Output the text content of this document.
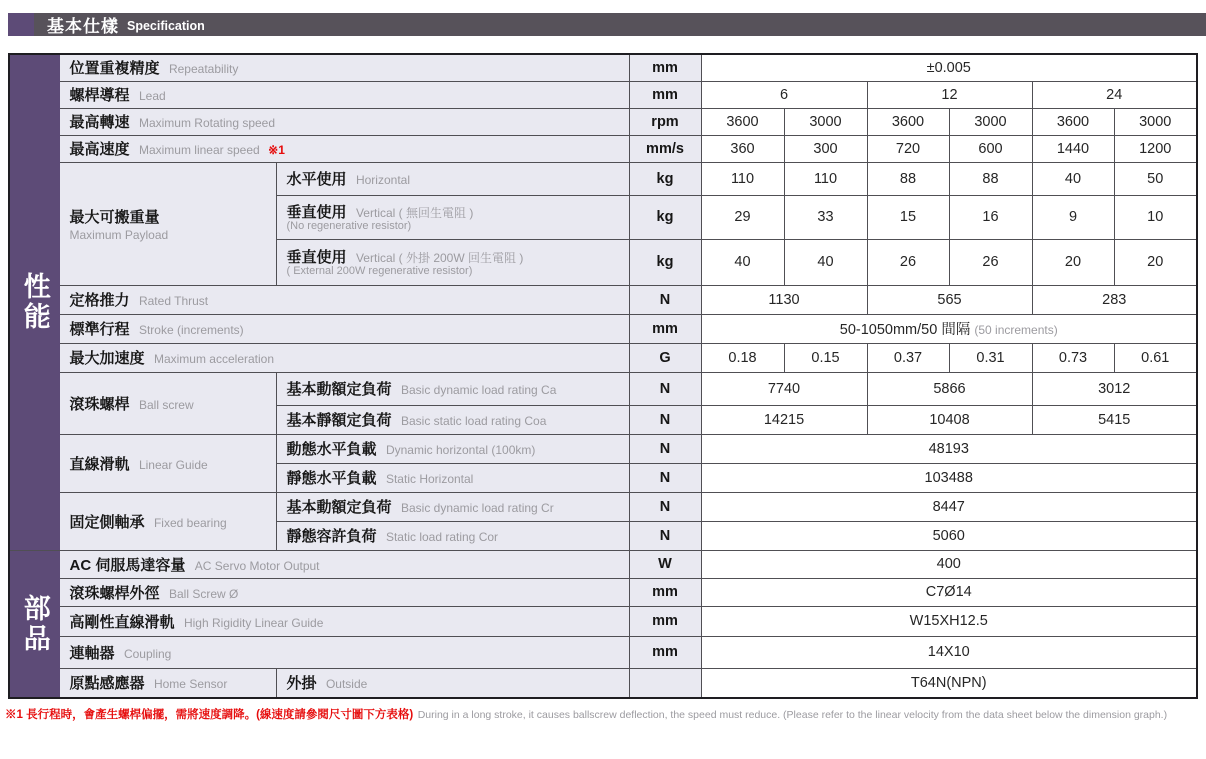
基本仕樣 Specification
性能	位置重複精度 Repeatability		mm	±0.005					
	螺桿導程 Lead		mm	6		12		24	
	最高轉速 Maximum Rotating speed		rpm	3600	3000	3600	3000	3600	3000
	最高速度 Maximum linear speed ※1		mm/s	360	300	720	600	1440	1200
	最大可搬重量
Maximum Payload	水平使用 Horizontal	kg	110	110	88	88	40	50
		垂直使用 Vertical ( 無回生電阻 )
(No regenerative resistor)	kg	29	33	15	16	9	10
		垂直使用 Vertical ( 外掛 200W 回生電阻 )
( External 200W regenerative resistor)	kg	40	40	26	26	20	20
	定格推力 Rated Thrust		N	1130		565		283	
	標準行程 Stroke (increments)		mm	50-1050mm/50 間隔 (50 increments)					
	最大加速度 Maximum acceleration		G	0.18	0.15	0.37	0.31	0.73	0.61
	滾珠螺桿 Ball screw	基本動額定負荷 Basic dynamic load rating Ca	N	7740		5866		3012	
		基本靜額定負荷 Basic static load rating Coa	N	14215		10408		5415	
	直線滑軌 Linear Guide	動態水平負載 Dynamic horizontal (100km)	N	48193					
		靜態水平負載 Static Horizontal	N	103488					
	固定側軸承 Fixed bearing	基本動額定負荷 Basic dynamic load rating Cr	N	8447					
		靜態容許負荷 Static load rating Cor	N	5060					

部品	AC 伺服馬達容量 AC Servo Motor Output		W	400					
	滾珠螺桿外徑 Ball Screw Ø		mm	C7Ø14					
	高剛性直線滑軌 High Rigidity Linear Guide		mm	W15XH12.5					
	連軸器 Coupling		mm	14X10					
	原點感應器 Home Sensor	外掛 Outside		T64N(NPN)					

※1 長行程時，會產生螺桿偏擺，需將速度調降。(線速度請參閱尺寸圖下方表格) During in a long stroke, it causes ballscrew deflection, the speed must reduce. (Please refer to the linear velocity from the data sheet below the dimension graph.)
